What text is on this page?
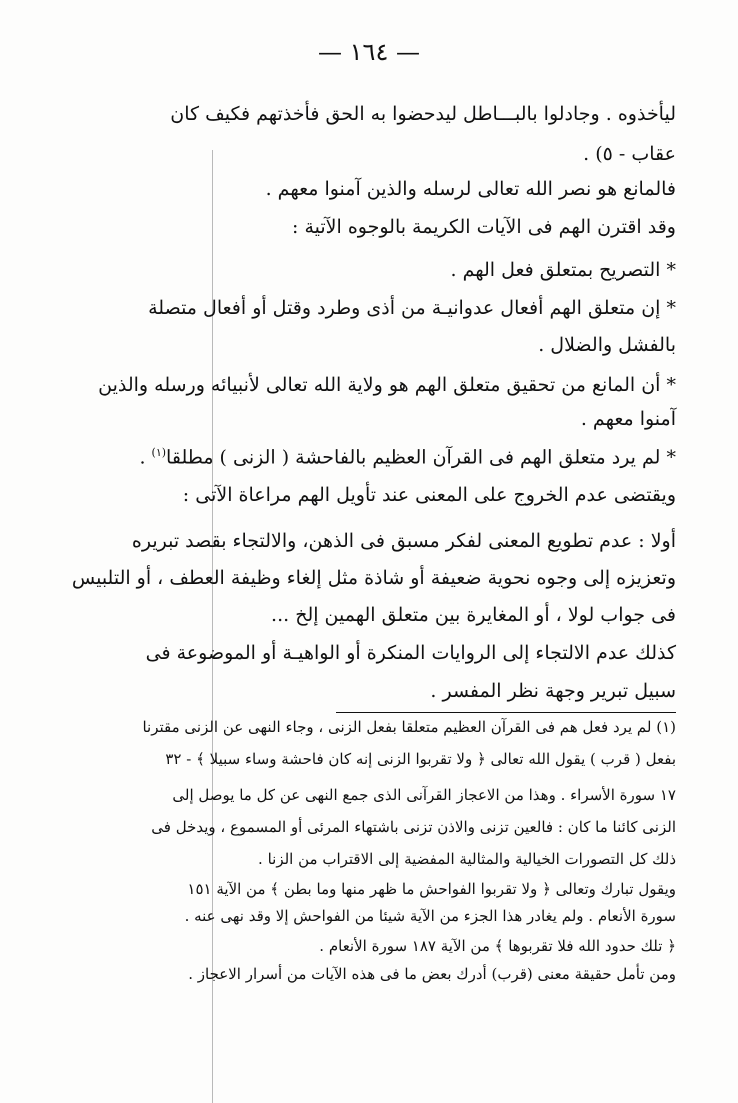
— ١٦٤ —
ليأخذوه . وجادلوا بالبـــاطل ليدحضوا به الحق فأخذتهم فكيف كان
عقاب - ٥) .
فالمانع هو نصر الله تعالى لرسله والذين آمنوا معهم .
وقد اقترن الهم فى الآيات الكريمة بالوجوه الآتية :
* التصريح بمتعلق فعل الهم .
* إن متعلق الهم أفعال عدوانيـة من أذى وطرد وقتل أو أفعال متصلة
بالفشل والضلال .
* أن المانع من تحقيق متعلق الهم هو ولاية الله تعالى لأنبيائه ورسله والذين
آمنوا معهم .
* لم يرد متعلق الهم فى القرآن العظيم بالفاحشة ( الزنى ) مطلقا$^{(١)}$ .
ويقتضى عدم الخروج على المعنى عند تأويل الهم مراعاة الآتى :
أولا : عدم تطويع المعنى لفكر مسبق فى الذهن، والالتجاء بقصد تبريره
وتعزيزه إلى وجوه نحوية ضعيفة أو شاذة مثل إلغاء وظيفة العطف ، أو التلبيس
فى جواب لولا ، أو المغايرة بين متعلق الهمين إلخ ...
كذلك عدم الالتجاء إلى الروايات المنكرة أو الواهيـة أو الموضوعة فى
سبيل تبرير وجهة نظر المفسر .
(١) لم يرد فعل هم فى القرآن العظيم متعلقا بفعل الزنى ، وجاء النهى عن الزنى مقترنا
بفعل ( قرب ) يقول الله تعالى ﴿ ولا تقربوا الزنى إنه كان فاحشة وساء سبيلا ﴾ - ٣٢
١٧ سورة الأسراء . وهذا من الاعجاز القرآنى الذى جمع النهى عن كل ما يوصل إلى
الزنى كائنا ما كان : فالعين تزنى والاذن تزنى باشتهاء المرئى أو المسموع ، ويدخل فى
ذلك كل التصورات الخيالية والمثالية المفضية إلى الاقتراب من الزنا .
ويقول تبارك وتعالى ﴿ ولا تقربوا الفواحش ما ظهر منها وما بطن ﴾ من الآية ١٥١
سورة الأنعام . ولم يغادر هذا الجزء من الآية شيئا من الفواحش إلا وقد نهى عنه .
﴿ تلك حدود الله فلا تقربوها ﴾ من الآية ١٨٧ سورة الأنعام .
ومن تأمل حقيقة معنى (قرب) أدرك بعض ما فى هذه الآيات من أسرار الاعجاز .
